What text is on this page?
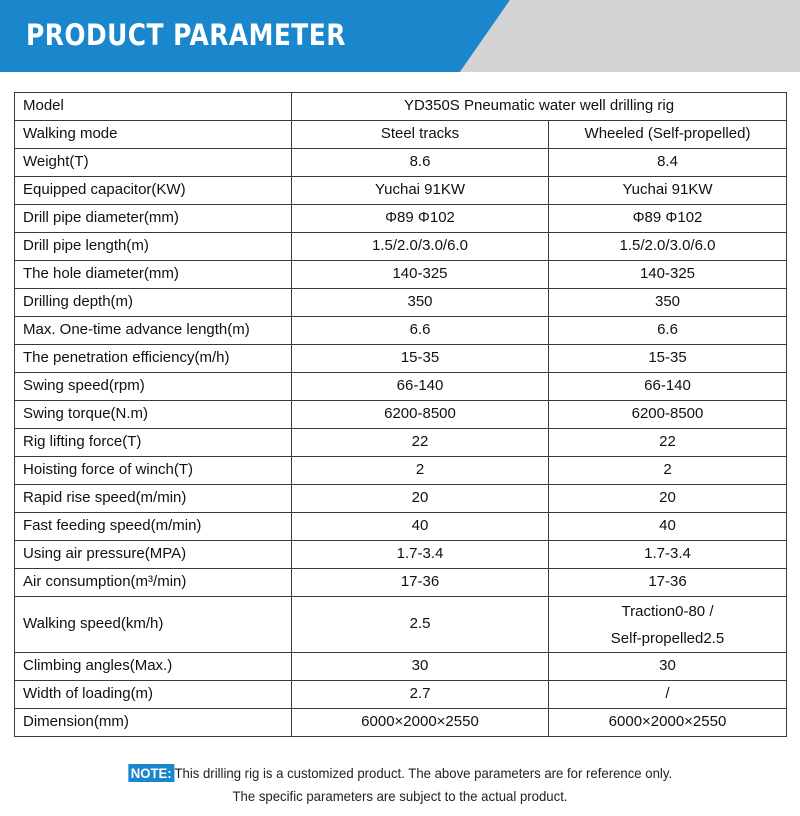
PRODUCT PARAMETER
Model	YD350S Pneumatic water well drilling rig	
Walking mode	Steel tracks	Wheeled (Self-propelled)
Weight(T)	8.6	8.4
Equipped capacitor(KW)	Yuchai 91KW	Yuchai 91KW
Drill pipe diameter(mm)	Φ89 Φ102	Φ89 Φ102
Drill pipe length(m)	1.5/2.0/3.0/6.0	1.5/2.0/3.0/6.0
The hole diameter(mm)	140-325	140-325
Drilling depth(m)	350	350
Max. One-time advance length(m)	6.6	6.6
The penetration efficiency(m/h)	15-35	15-35
Swing speed(rpm)	66-140	66-140
Swing torque(N.m)	6200-8500	6200-8500
Rig lifting force(T)	22	22
Hoisting force of winch(T)	2	2
Rapid rise speed(m/min)	20	20
Fast feeding speed(m/min)	40	40
Using air pressure(MPA)	1.7-3.4	1.7-3.4
Air consumption(m³/min)	17-36	17-36
Walking speed(km/h)	2.5	Traction0-80 /
Self-propelled2.5

Climbing angles(Max.)	30	30
Width of loading(m)	2.7	/
Dimension(mm)	6000×2000×2550	6000×2000×2550
NOTE: This drilling rig is a customized product. The above parameters are for reference only.
The specific parameters are subject to the actual product.
